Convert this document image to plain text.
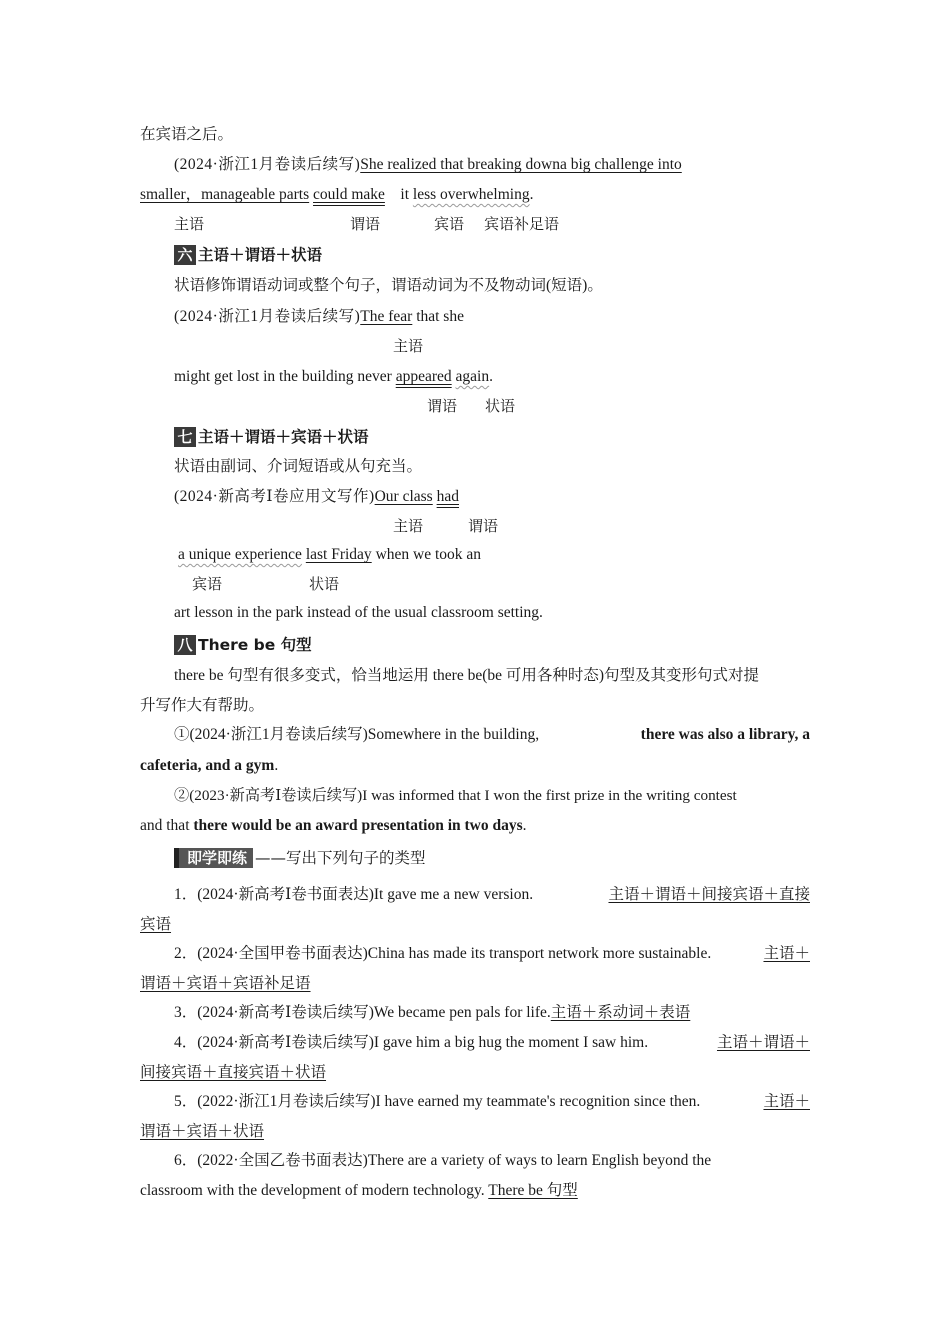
在宾语之后。
(2024·浙江1月卷读后续写)She realized that breaking downa big challenge into
smaller，manageable parts could make it less overwhelming.
主语	谓语	宾语 宾语补足语
六 主语＋谓语＋状语
状语修饰谓语动词或整个句子，谓语动词为不及物动词(短语)。
(2024·浙江1月卷读后续写)The fear that she
主语
might get lost in the building never appeared again.
谓语 状语
七 主语＋谓语＋宾语＋状语
状语由副词、介词短语或从句充当。
(2024·新高考Ⅰ卷应用文写作)Our class had
主语	谓语
a unique experience last Friday when we took an
宾语	状语
art lesson in the park instead of the usual classroom setting.
八 There be 句型
there be 句型有很多变式，恰当地运用 there be(be 可用各种时态)句型及其变形句式对提
升写作大有帮助。
①(2024·浙江1月卷读后续写)Somewhere in the building,	there was also a library, a
cafeteria, and a gym.
②(2023·新高考Ⅰ卷读后续写)I was informed that I won the first prize in the writing contest
and that there would be an award presentation in two days.
即学即练 ——写出下列句子的类型
1．(2024·新高考Ⅰ卷书面表达)It gave me a new version.	主语＋谓语＋间接宾语＋直接
宾语
2．(2024·全国甲卷书面表达)China has made its transport network more sustainable.	主语＋
谓语＋宾语＋宾语补足语
3．(2024·新高考Ⅰ卷读后续写)We became pen pals for life.主语＋系动词＋表语
4．(2024·新高考Ⅰ卷读后续写)I gave him a big hug the moment I saw him.	主语＋谓语＋
间接宾语＋直接宾语＋状语
5．(2022·浙江1月卷读后续写)I have earned my teammate's recognition since then.	主语＋
谓语＋宾语＋状语
6．(2022·全国乙卷书面表达)There are a variety of ways to learn English beyond the
classroom with the development of modern technology. There be 句型
